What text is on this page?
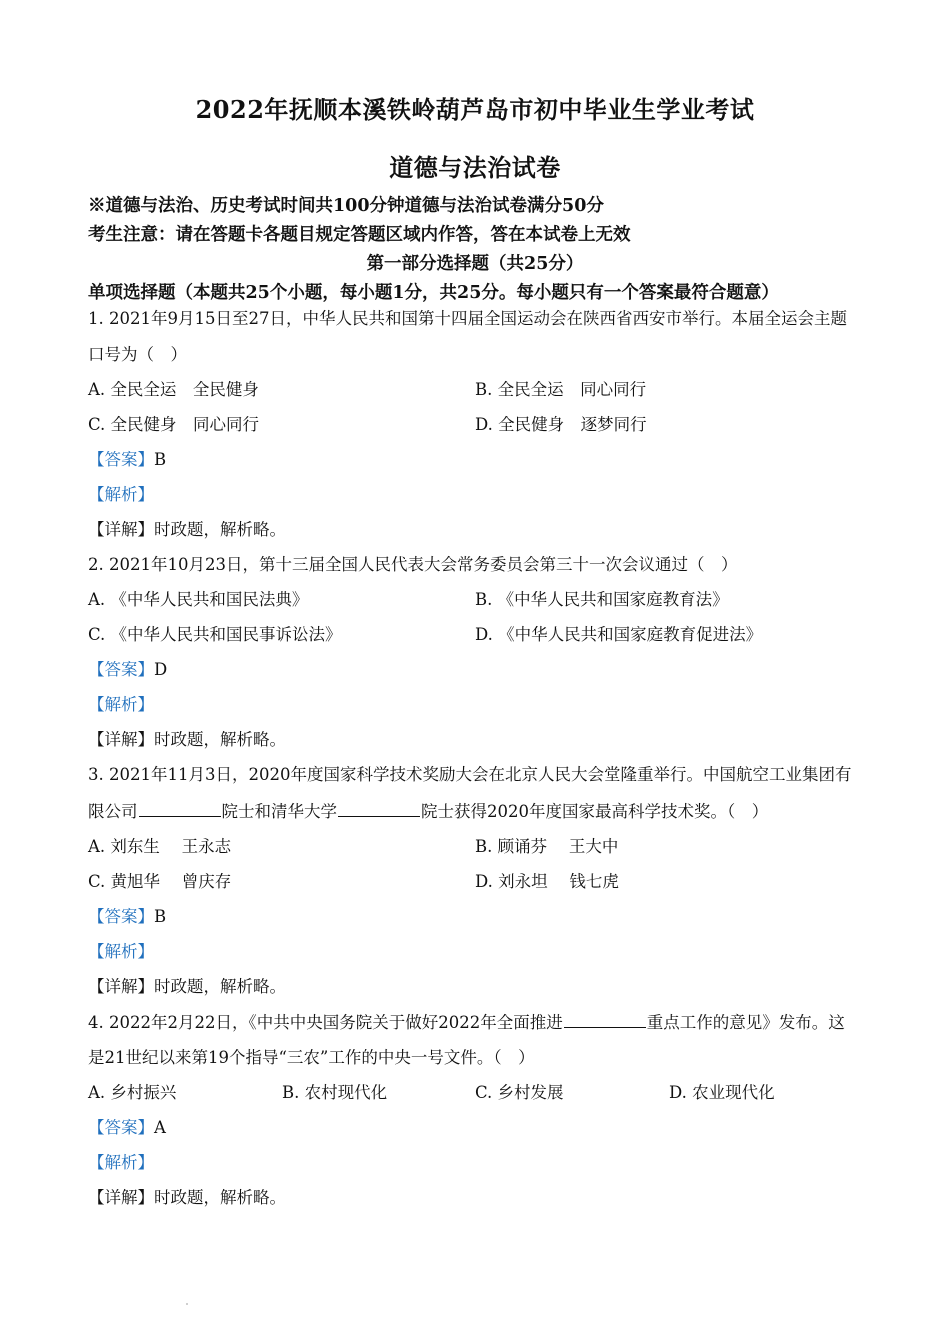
2022年抚顺本溪铁岭葫芦岛市初中毕业生学业考试
道德与法治试卷
※道德与法治、历史考试时间共100分钟道德与法治试卷满分50分
考生注意：请在答题卡各题目规定答题区域内作答，答在本试卷上无效
第一部分选择题（共25分）
单项选择题（本题共25个小题，每小题1分，共25分。每小题只有一个答案最符合题意）
1. 2021年9月15日至27日，中华人民共和国第十四届全国运动会在陕西省西安市举行。本届全运会主题
口号为（　）
A. 全民全运　全民健身	B. 全民全运　同心同行
C. 全民健身　同心同行	D. 全民健身　逐梦同行
【答案】B
【解析】
【详解】时政题，解析略。
2. 2021年10月23日，第十三届全国人民代表大会常务委员会第三十一次会议通过（　）
A. 《中华人民共和国民法典》	B. 《中华人民共和国家庭教育法》
C. 《中华人民共和国民事诉讼法》	D. 《中华人民共和国家庭教育促进法》
【答案】D
【解析】
【详解】时政题，解析略。
3. 2021年11月3日，2020年度国家科学技术奖励大会在北京人民大会堂隆重举行。中国航空工业集团有
限公司	院士和清华大学	院士获得2020年度国家最高科学技术奖。（　）
A. 刘东生　 王永志	B. 顾诵芬　 王大中
C. 黄旭华　 曾庆存	D. 刘永坦　 钱七虎
【答案】B
【解析】
【详解】时政题，解析略。
4. 2022年2月22日，《中共中央国务院关于做好2022年全面推进	重点工作的意见》发布。这
是21世纪以来第19个指导“三农”工作的中央一号文件。（　）
A. 乡村振兴	B. 农村现代化	C. 乡村发展	D. 农业现代化
【答案】A
【解析】
【详解】时政题，解析略。
